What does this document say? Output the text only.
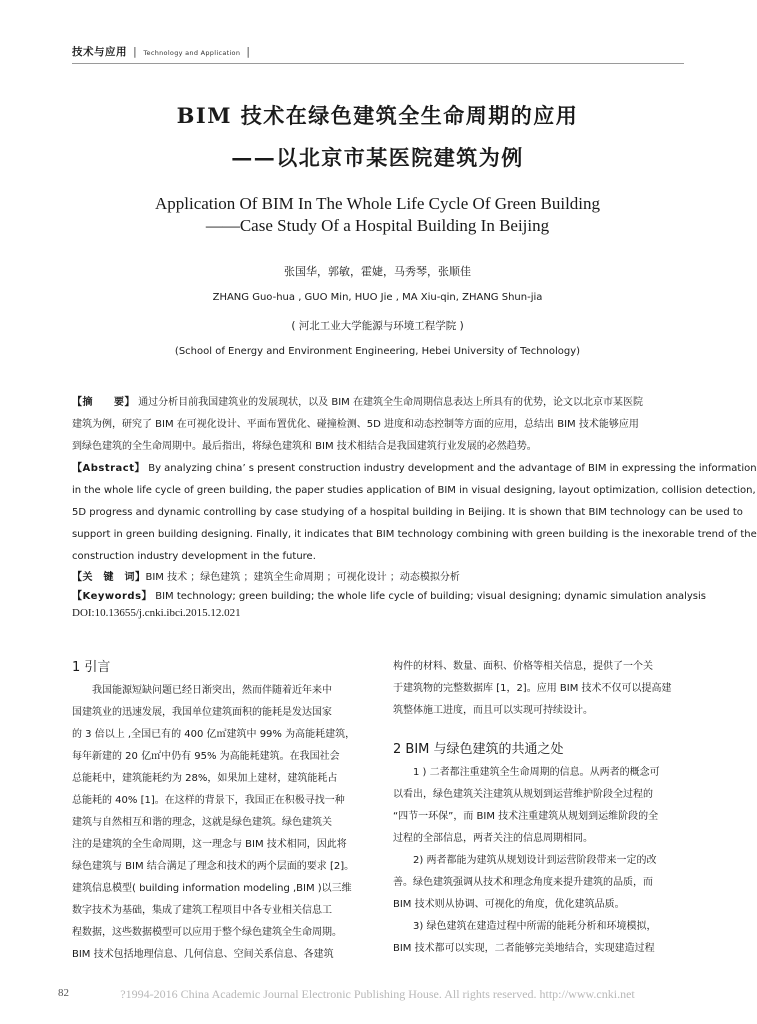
技术与应用 | Technology and Application |
BIM 技术在绿色建筑全生命周期的应用
——以北京市某医院建筑为例
Application Of BIM In The Whole Life Cycle Of Green Building
——Case Study Of a Hospital Building In Beijing
张国华，郭敏，霍婕，马秀琴，张顺佳
ZHANG Guo-hua , GUO Min, HUO Jie , MA Xiu-qin, ZHANG Shun-jia
( 河北工业大学能源与环境工程学院 )
(School of Energy and Environment Engineering, Hebei University of Technology)
【摘　　要】 通过分析目前我国建筑业的发展现状，以及 BIM 在建筑全生命周期信息表达上所具有的优势，论文以北京市某医院
建筑为例，研究了 BIM 在可视化设计、平面布置优化、碰撞检测、5D 进度和动态控制等方面的应用，总结出 BIM 技术能够应用
到绿色建筑的全生命周期中。最后指出，将绿色建筑和 BIM 技术相结合是我国建筑行业发展的必然趋势。
【Abstract】 By analyzing china’ s present construction industry development and the advantage of BIM in expressing the information
in the whole life cycle of green building, the paper studies application of BIM in visual designing, layout optimization, collision detection,
5D progress and dynamic controlling by case studying of a hospital building in Beijing. It is shown that BIM technology can be used to
support in green building designing. Finally, it indicates that BIM technology combining with green building is the inexorable trend of the
construction industry development in the future.
【关　键　词】BIM 技术 ；绿色建筑 ；建筑全生命周期 ；可视化设计 ；动态模拟分析
【Keywords】 BIM technology; green building; the whole life cycle of building; visual designing; dynamic simulation analysis
DOI:10.13655/j.cnki.ibci.2015.12.021
1 引言
我国能源短缺问题已经日渐突出，然而伴随着近年来中
国建筑业的迅速发展，我国单位建筑面积的能耗是发达国家
的 3 倍以上 ,全国已有的 400 亿㎡建筑中 99% 为高能耗建筑，
每年新建的 20 亿㎡中仍有 95% 为高能耗建筑。在我国社会
总能耗中，建筑能耗约为 28%，如果加上建材，建筑能耗占
总能耗的 40% [1]。在这样的背景下，我国正在积极寻找一种
建筑与自然相互和谐的理念，这就是绿色建筑。绿色建筑关
注的是建筑的全生命周期，这一理念与 BIM 技术相同，因此将
绿色建筑与 BIM 结合满足了理念和技术的两个层面的要求 [2]。
建筑信息模型( building information modeling ,BIM )以三维
数字技术为基础，集成了建筑工程项目中各专业相关信息工
程数据，这些数据模型可以应用于整个绿色建筑全生命周期。
BIM 技术包括地理信息、几何信息、空间关系信息、各建筑
构件的材料、数量、面积、价格等相关信息，提供了一个关
于建筑物的完整数据库 [1，2]。应用 BIM 技术不仅可以提高建
筑整体施工进度，而且可以实现可持续设计。
2 BIM 与绿色建筑的共通之处
1 ) 二者都注重建筑全生命周期的信息。从两者的概念可
以看出，绿色建筑关注建筑从规划到运营维护阶段全过程的
“四节一环保”，而 BIM 技术注重建筑从规划到运维阶段的全
过程的全部信息，两者关注的信息周期相同。
2) 两者都能为建筑从规划设计到运营阶段带来一定的改
善。绿色建筑强调从技术和理念角度来提升建筑的品质，而
BIM 技术则从协调、可视化的角度，优化建筑品质。
3) 绿色建筑在建造过程中所需的能耗分析和环境模拟，
BIM 技术都可以实现，二者能够完美地结合，实现建造过程
?1994-2016 China Academic Journal Electronic Publishing House. All rights reserved. http://www.cnki.net
82
